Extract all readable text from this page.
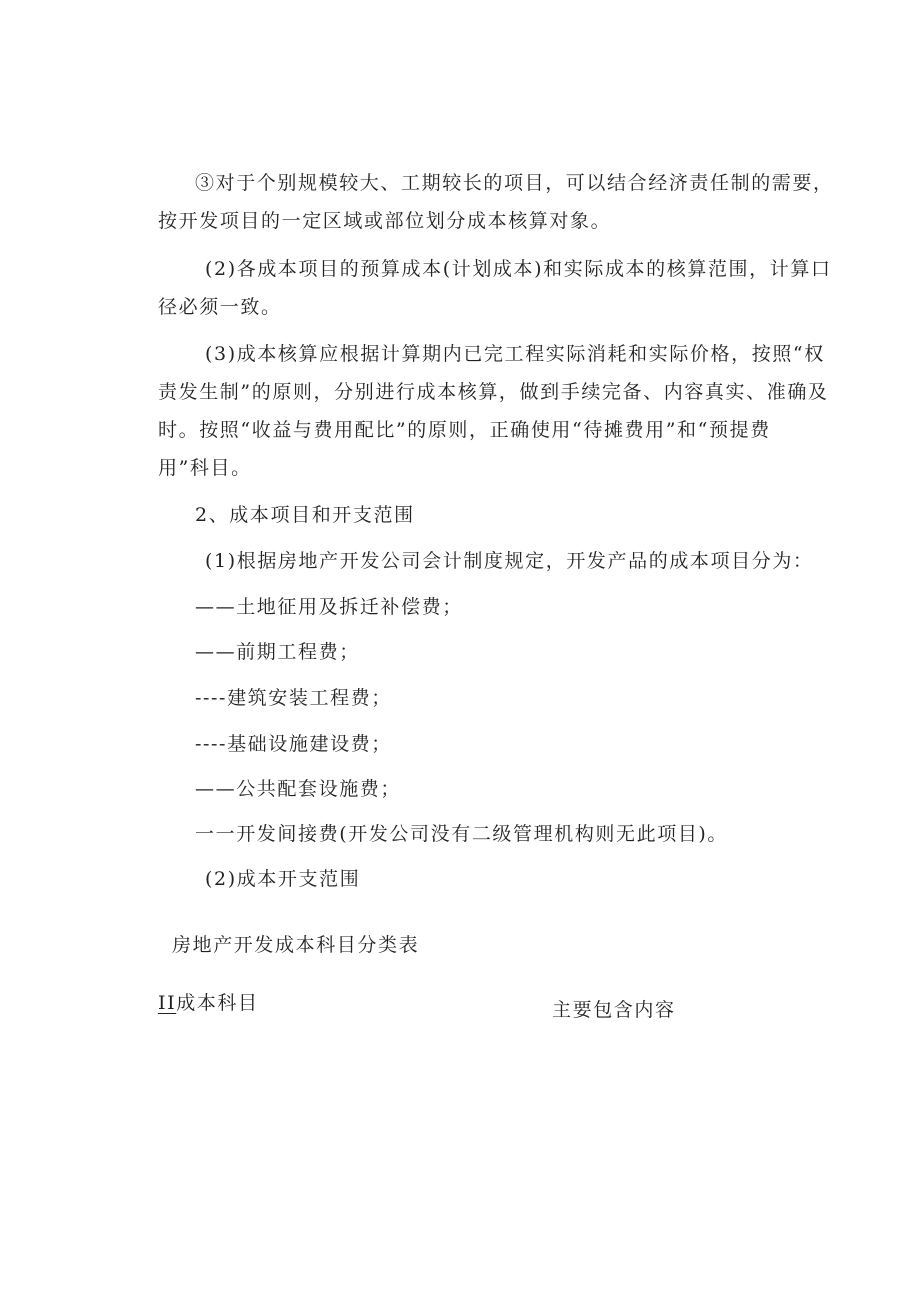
③对于个别规模较大、工期较长的项目，可以结合经济责任制的需要，

按开发项目的一定区域或部位划分成本核算对象。

(2)各成本项目的预算成本(计划成本)和实际成本的核算范围，计算口

径必须一致。

(3)成本核算应根据计算期内已完工程实际消耗和实际价格，按照“权

责发生制”的原则，分别进行成本核算，做到手续完备、内容真实、准确及

时。按照“收益与费用配比”的原则，正确使用“待摊费用”和“预提费

用”科目。

2、成本项目和开支范围

(1)根据房地产开发公司会计制度规定，开发产品的成本项目分为：

——土地征用及拆迁补偿费；

——前期工程费；

----建筑安装工程费；

----基础设施建设费；

——公共配套设施费；

一一开发间接费(开发公司没有二级管理机构则无此项目)。

(2)成本开支范围

房地产开发成本科目分类表

II成本科目	主要包含内容
